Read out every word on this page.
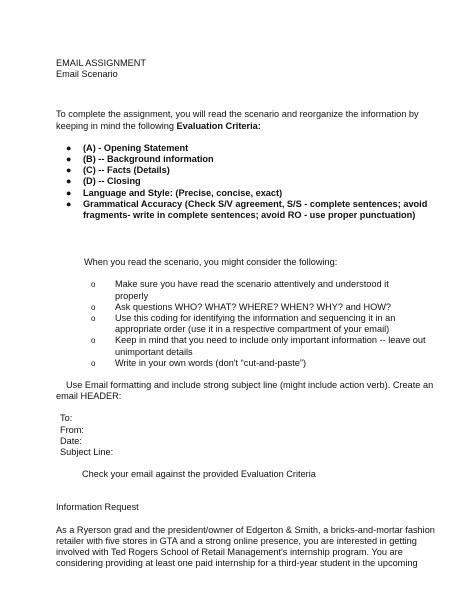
EMAIL ASSIGNMENT
Email Scenario
To complete the assignment, you will read the scenario and reorganize the information by
keeping in mind the following Evaluation Criteria:
● (A) - Opening Statement
● (B) -- Background information
● (C) -- Facts (Details)
● (D) -- Closing
● Language and Style: (Precise, concise, exact)
● Grammatical Accuracy (Check S/V agreement, S/S - complete sentences; avoid
fragments- write in complete sentences; avoid RO - use proper punctuation)
When you read the scenario, you might consider the following:
o Make sure you have read the scenario attentively and understood it properly
o Ask questions WHO? WHAT? WHERE? WHEN? WHY? and HOW?
o Use this coding for identifying the information and sequencing it in an
appropriate order (use it in a respective compartment of your email)
o Keep in mind that you need to include only important information -- leave out
unimportant details
o Write in your own words (don't “cut-and-paste”)
Use Email formatting and include strong subject line (might include action verb). Create an
email HEADER:
To:
From:
Date:
Subject Line:
Check your email against the provided Evaluation Criteria
Information Request
As a Ryerson grad and the president/owner of Edgerton & Smith, a bricks-and-mortar fashion
retailer with five stores in GTA and a strong online presence, you are interested in getting
involved with Ted Rogers School of Retail Management's internship program. You are
considering providing at least one paid internship for a third-year student in the upcoming
